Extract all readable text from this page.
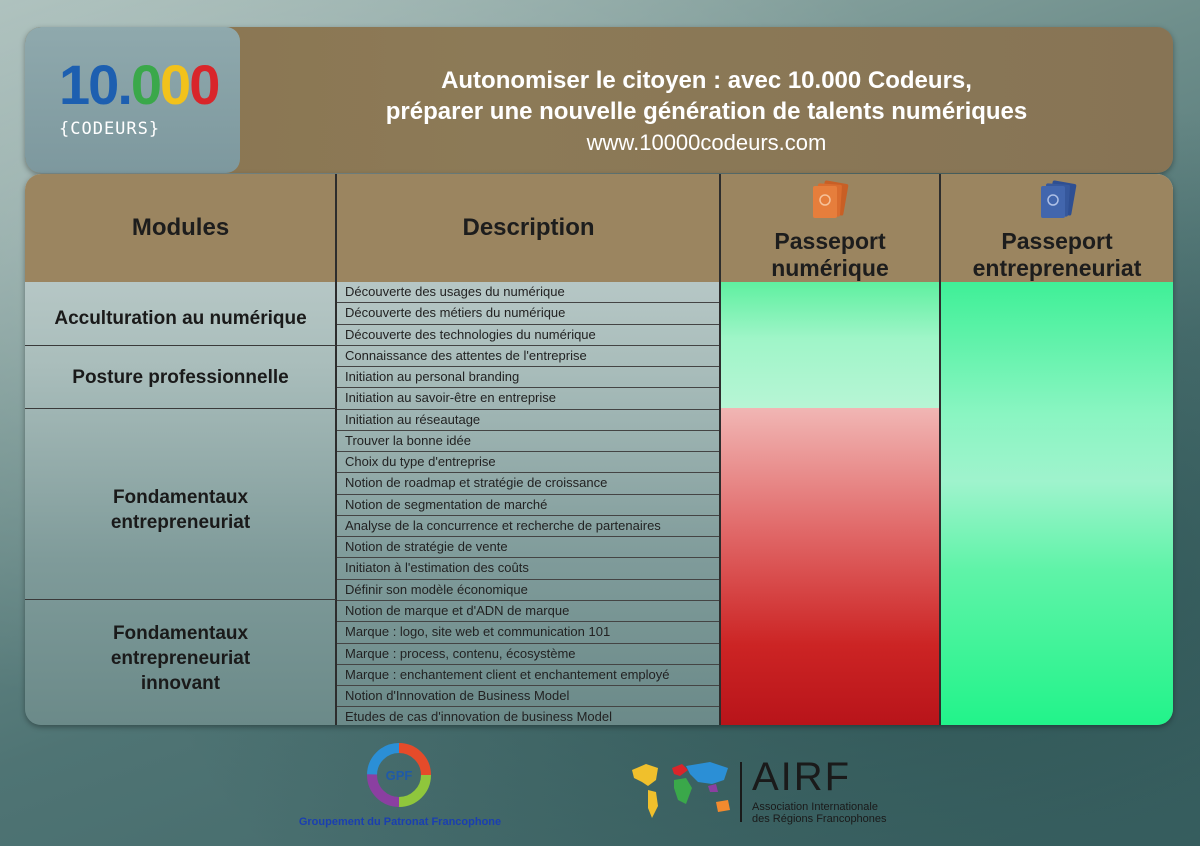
10.000
{CODEURS}
Autonomiser le citoyen : avec 10.000 Codeurs,
préparer une nouvelle génération de talents numériques
www.10000codeurs.com
Modules	Description	Passeport
numérique
Passeport
entrepreneuriat
Acculturation au numérique
Posture professionnelle
Fondamentaux
entrepreneuriat
Fondamentaux
entrepreneuriat
innovant
Découverte des usages du numérique
Découverte des métiers du numérique
Découverte des technologies du numérique
Connaissance des attentes de l'entreprise
Initiation au personal branding
Initiation au savoir-être en entreprise
Initiation au réseautage
Trouver la bonne idée
Choix du type d'entreprise
Notion de roadmap et stratégie de croissance
Notion de segmentation de marché
Analyse de la concurrence et recherche de partenaires
Notion de stratégie de vente
Initiaton à l'estimation des coûts
Définir son modèle économique
Notion de marque et d'ADN de marque
Marque : logo, site web et communication 101
Marque : process, contenu, écosystème
Marque : enchantement client et enchantement employé
Notion d'Innovation de Business Model
Etudes de cas d'innovation de business Model
GPF
Groupement du Patronat Francophone
AIRF
Association Internationale
des Régions Francophones
